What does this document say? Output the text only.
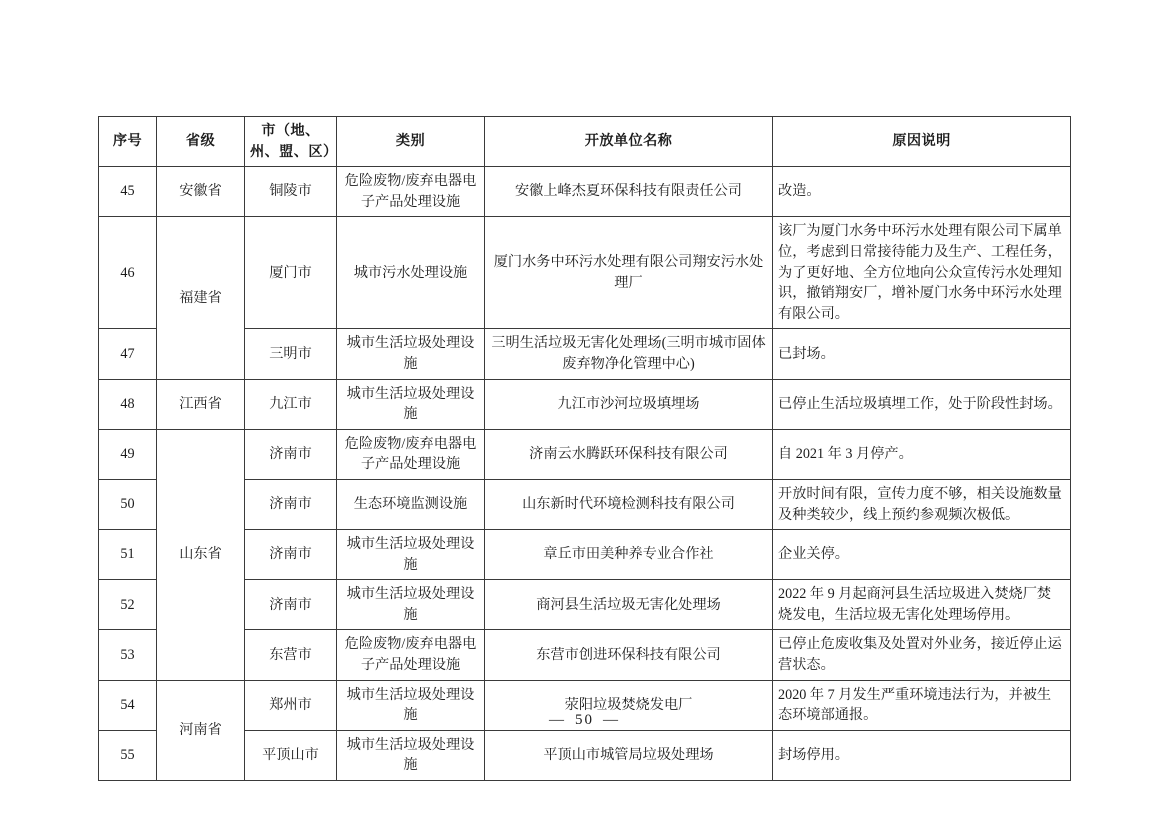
序号	省级	市（地、州、盟、区）	类别	开放单位名称	原因说明
45	安徽省	铜陵市	危险废物/废弃电器电子产品处理设施	安徽上峰杰夏环保科技有限责任公司	改造。
46	福建省	厦门市	城市污水处理设施	厦门水务中环污水处理有限公司翔安污水处理厂	该厂为厦门水务中环污水处理有限公司下属单位，考虑到日常接待能力及生产、工程任务，为了更好地、全方位地向公众宣传污水处理知识，撤销翔安厂，增补厦门水务中环污水处理有限公司。
47		三明市	城市生活垃圾处理设施	三明生活垃圾无害化处理场(三明市城市固体废弃物净化管理中心)	已封场。
48	江西省	九江市	城市生活垃圾处理设施	九江市沙河垃圾填埋场	已停止生活垃圾填埋工作，处于阶段性封场。
49	山东省	济南市	危险废物/废弃电器电子产品处理设施	济南云水腾跃环保科技有限公司	自 2021 年 3 月停产。
50		济南市	生态环境监测设施	山东新时代环境检测科技有限公司	开放时间有限，宣传力度不够，相关设施数量及种类较少，线上预约参观频次极低。
51		济南市	城市生活垃圾处理设施	章丘市田美种养专业合作社	企业关停。
52		济南市	城市生活垃圾处理设施	商河县生活垃圾无害化处理场	2022 年 9 月起商河县生活垃圾进入焚烧厂焚烧发电，生活垃圾无害化处理场停用。
53		东营市	危险废物/废弃电器电子产品处理设施	东营市创进环保科技有限公司	已停止危废收集及处置对外业务，接近停止运营状态。
54	河南省	郑州市	城市生活垃圾处理设施	荥阳垃圾焚烧发电厂	2020 年 7 月发生严重环境违法行为，并被生态环境部通报。
55		平顶山市	城市生活垃圾处理设施	平顶山市城管局垃圾处理场	封场停用。
— 50 —
